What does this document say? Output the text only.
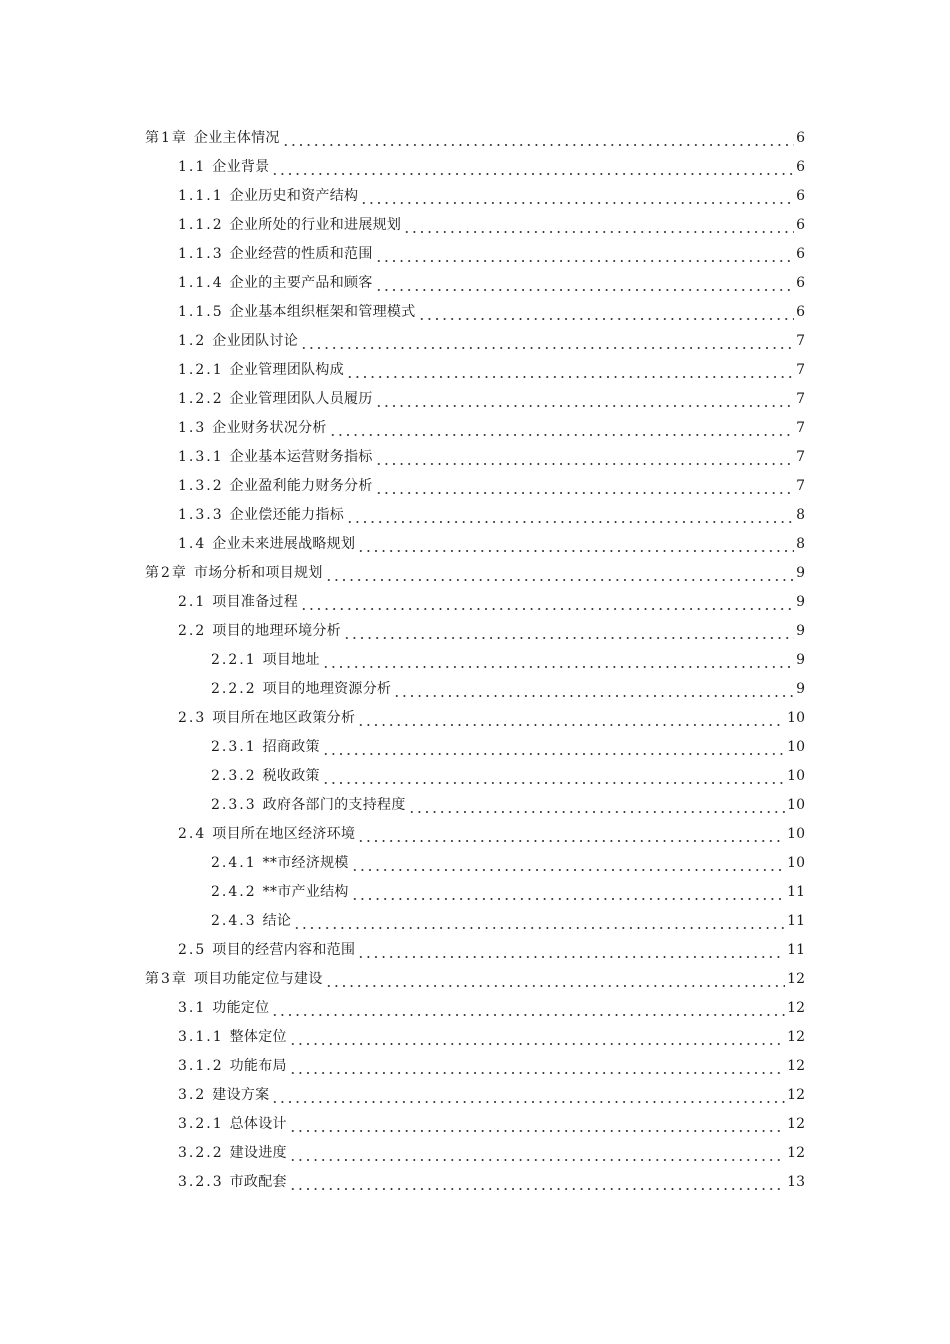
第1章 企业主体情况	6
1.1 企业背景	6
1.1.1 企业历史和资产结构	6
1.1.2 企业所处的行业和进展规划	6
1.1.3 企业经营的性质和范围	6
1.1.4 企业的主要产品和顾客	6
1.1.5 企业基本组织框架和管理模式	6
1.2 企业团队讨论	7
1.2.1 企业管理团队构成	7
1.2.2 企业管理团队人员履历	7
1.3 企业财务状况分析	7
1.3.1 企业基本运营财务指标	7
1.3.2 企业盈利能力财务分析	7
1.3.3 企业偿还能力指标	8
1.4 企业未来进展战略规划	8
第2章 市场分析和项目规划	9
2.1 项目准备过程	9
2.2 项目的地理环境分析	9
2.2.1 项目地址	9
2.2.2 项目的地理资源分析	9
2.3 项目所在地区政策分析	10
2.3.1 招商政策	10
2.3.2 税收政策	10
2.3.3 政府各部门的支持程度	10
2.4 项目所在地区经济环境	10
2.4.1 **市经济规模	10
2.4.2 **市产业结构	11
2.4.3 结论	11
2.5 项目的经营内容和范围	11
第3章 项目功能定位与建设	12
3.1 功能定位	12
3.1.1 整体定位	12
3.1.2 功能布局	12
3.2 建设方案	12
3.2.1 总体设计	12
3.2.2 建设进度	12
3.2.3 市政配套	13
